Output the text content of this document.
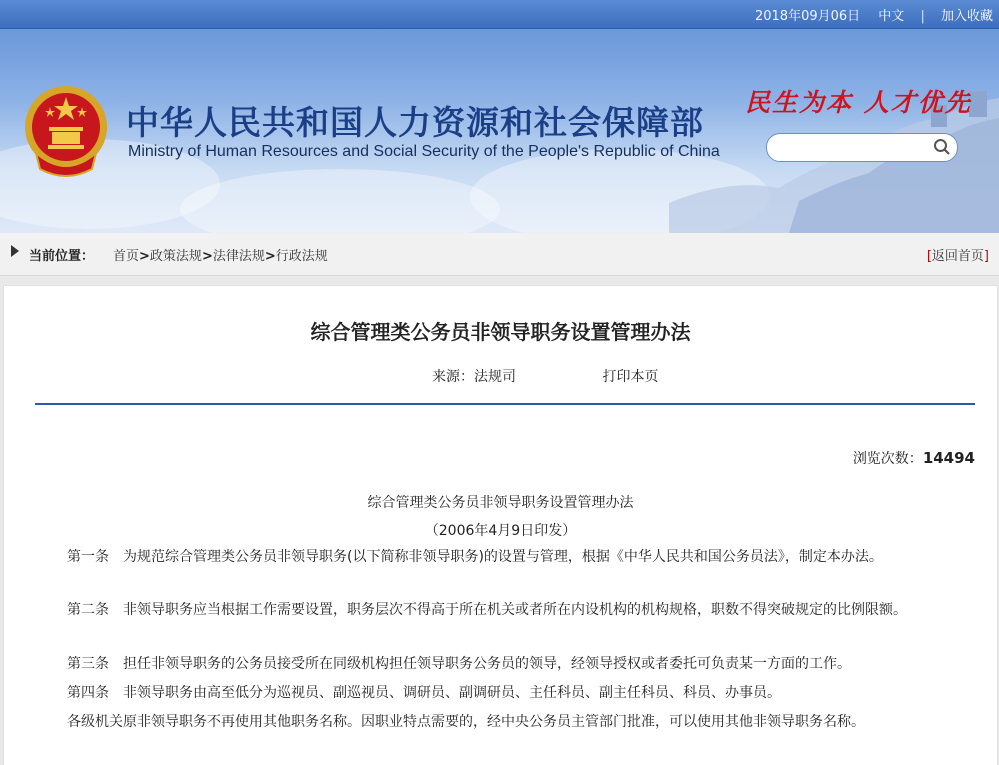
2018年09月06日 中文 | 加入收藏
中华人民共和国人力资源和社会保障部
Ministry of Human Resources and Social Security of the People's Republic of China
民生为本 人才优先
当前位置： 首页>政策法规>法律法规>行政法规	[返回首页]
综合管理类公务员非领导职务设置管理办法
来源：法规司	打印本页
浏览次数：14494
综合管理类公务员非领导职务设置管理办法
（2006年4月9日印发）
第一条　为规范综合管理类公务员非领导职务(以下简称非领导职务)的设置与管理，根据《中华人民共和国公务员法》，制定本办法。
第二条　非领导职务应当根据工作需要设置，职务层次不得高于所在机关或者所在内设机构的机构规格，职数不得突破规定的比例限额。
第三条　担任非领导职务的公务员接受所在同级机构担任领导职务公务员的领导，经领导授权或者委托可负责某一方面的工作。
第四条　非领导职务由高至低分为巡视员、副巡视员、调研员、副调研员、主任科员、副主任科员、科员、办事员。
各级机关原非领导职务不再使用其他职务名称。因职业特点需要的，经中央公务员主管部门批准，可以使用其他非领导职务名称。
